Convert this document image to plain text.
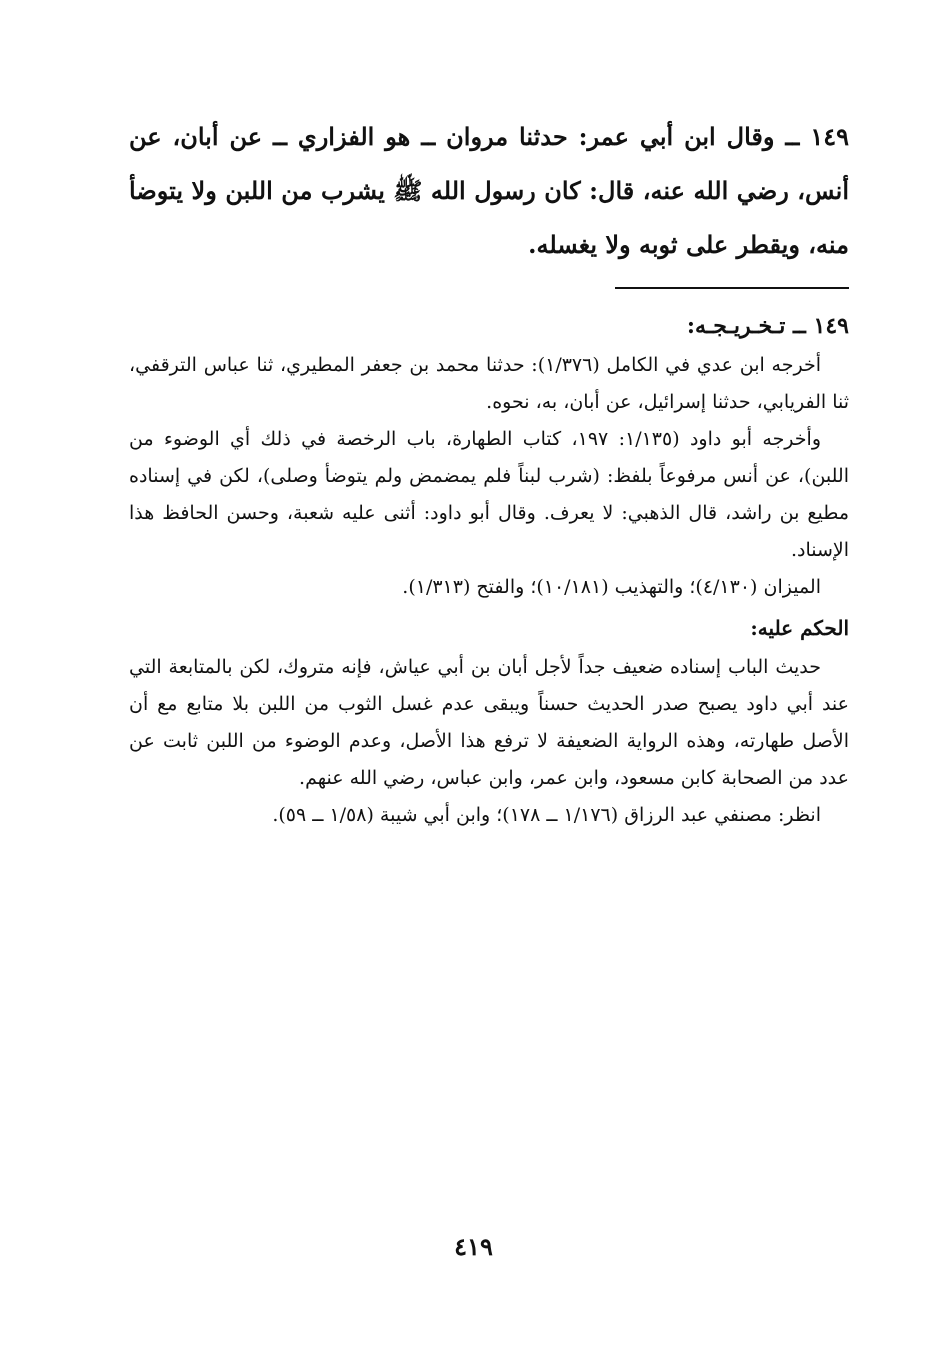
١٤٩ ــ وقال ابن أبي عمر: حدثنا مروان ــ هو الفزاري ــ عن أبان، عن أنس، رضي الله عنه، قال: كان رسول الله ﷺ يشرب من اللبن ولا يتوضأ منه، ويقطر على ثوبه ولا يغسله.

١٤٩ ــ تـخـريـجـه:

أخرجه ابن عدي في الكامل (١/٣٧٦): حدثنا محمد بن جعفر المطيري، ثنا عباس الترقفي، ثنا الفريابي، حدثنا إسرائيل، عن أبان، به، نحوه.

وأخرجه أبو داود (١/١٣٥: ١٩٧، كتاب الطهارة، باب الرخصة في ذلك أي الوضوء من اللبن)، عن أنس مرفوعاً بلفظ: (شرب لبناً فلم يمضمض ولم يتوضأ وصلى)، لكن في إسناده مطيع بن راشد، قال الذهبي: لا يعرف. وقال أبو داود: أثنى عليه شعبة، وحسن الحافظ هذا الإسناد.

الميزان (٤/١٣٠)؛ والتهذيب (١٠/١٨١)؛ والفتح (١/٣١٣).

الحكم عليه:

حديث الباب إسناده ضعيف جداً لأجل أبان بن أبي عياش، فإنه متروك، لكن بالمتابعة التي عند أبي داود يصبح صدر الحديث حسناً ويبقى عدم غسل الثوب من اللبن بلا متابع مع أن الأصل طهارته، وهذه الرواية الضعيفة لا ترفع هذا الأصل، وعدم الوضوء من اللبن ثابت عن عدد من الصحابة كابن مسعود، وابن عمر، وابن عباس، رضي الله عنهم.

انظر: مصنفي عبد الرزاق (١/١٧٦ ــ ١٧٨)؛ وابن أبي شيبة (١/٥٨ ــ ٥٩).

٤١٩
